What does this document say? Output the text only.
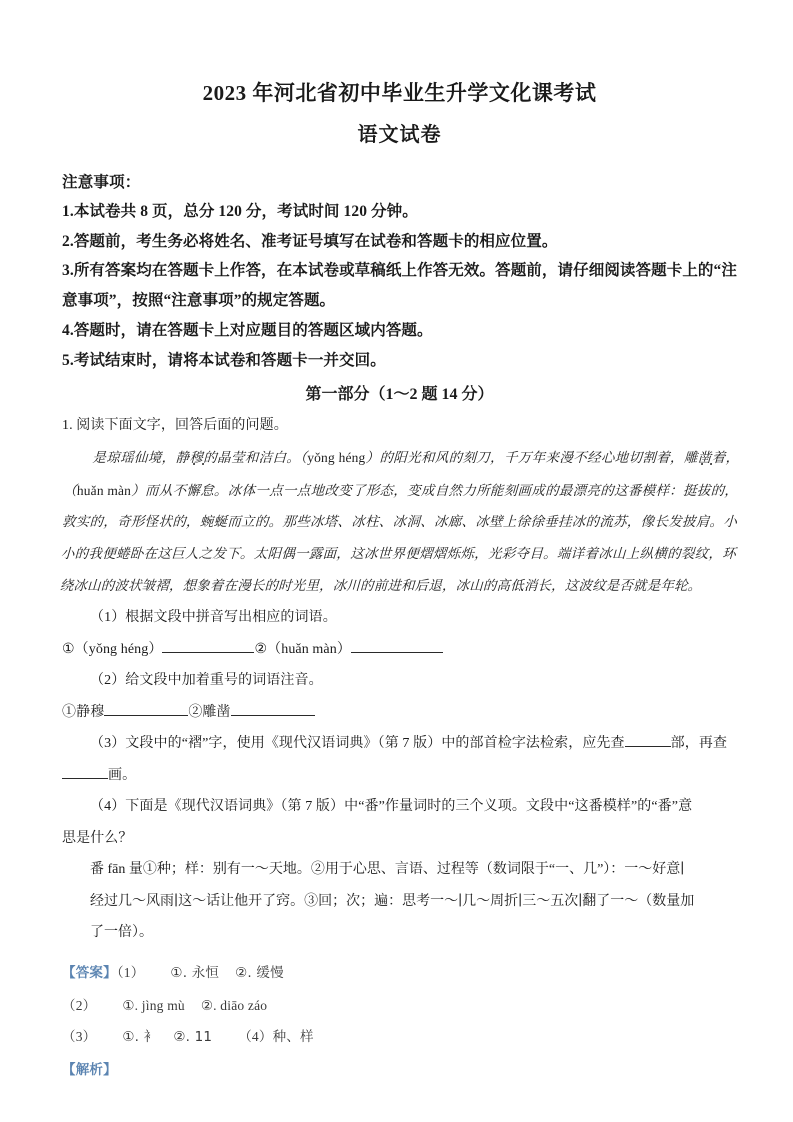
2023 年河北省初中毕业生升学文化课考试
语文试卷
注意事项：
1.本试卷共 8 页，总分 120 分，考试时间 120 分钟。
2.答题前，考生务必将姓名、准考证号填写在试卷和答题卡的相应位置。
3.所有答案均在答题卡上作答，在本试卷或草稿纸上作答无效。答题前，请仔细阅读答题卡上的“注意事项”，按照“注意事项”的规定答题。
4.答题时，请在答题卡上对应题目的答题区域内答题。
5.考试结束时，请将本试卷和答题卡一并交回。
第一部分（1～2 题 14 分）
1. 阅读下面文字，回答后面的问题。
是琼瑶仙境，静穆的晶莹和洁白。（yǒng héng）的阳光和风的刻刀，千万年来漫不经心地切割着，雕凿着，（huǎn màn）而从不懈怠。冰体一点一点地改变了形态，变成自然力所能刻画成的最漂亮的这番模样：挺拔的，敦实的，奇形怪状的，蜿蜒而立的。那些冰塔、冰柱、冰洞、冰廊、冰壁上徐徐垂挂冰的流苏，像长发披肩。小小的我便蜷卧在这巨人之发下。太阳偶一露面，这冰世界便熠熠烁烁，光彩夺目。端详着冰山上纵横的裂纹，环绕冰山的波状皱褶，想象着在漫长的时光里，冰川的前进和后退，冰山的高低消长，这波纹是否就是年轮。
（1）根据文段中拼音写出相应的词语。
①（yǒng héng）	②（huǎn màn）
（2）给文段中加着重号的词语注音。
①静穆	②雕凿
（3）文段中的“褶”字，使用《现代汉语词典》（第 7 版）中的部首检字法检索，应先查	部，再查
画。
（4）下面是《现代汉语词典》（第 7 版）中“番”作量词时的三个义项。文段中“这番模样”的“番”意
思是什么？
番 fān 量①种；样：别有一～天地。②用于心思、言语、过程等（数词限于“一、几”）：一～好意∣
经过几～风雨∣这～话让他开了窍。③回；次；遍：思考一～∣几～周折∣三～五次∣翻了一～（数量加
了一倍）。
【答案】（1） ①. 永恒 ②. 缓慢
（2） ①. jìng mù ②. diāo záo
（3） ①. 衤 ②. 11 （4）种、样
【解析】
